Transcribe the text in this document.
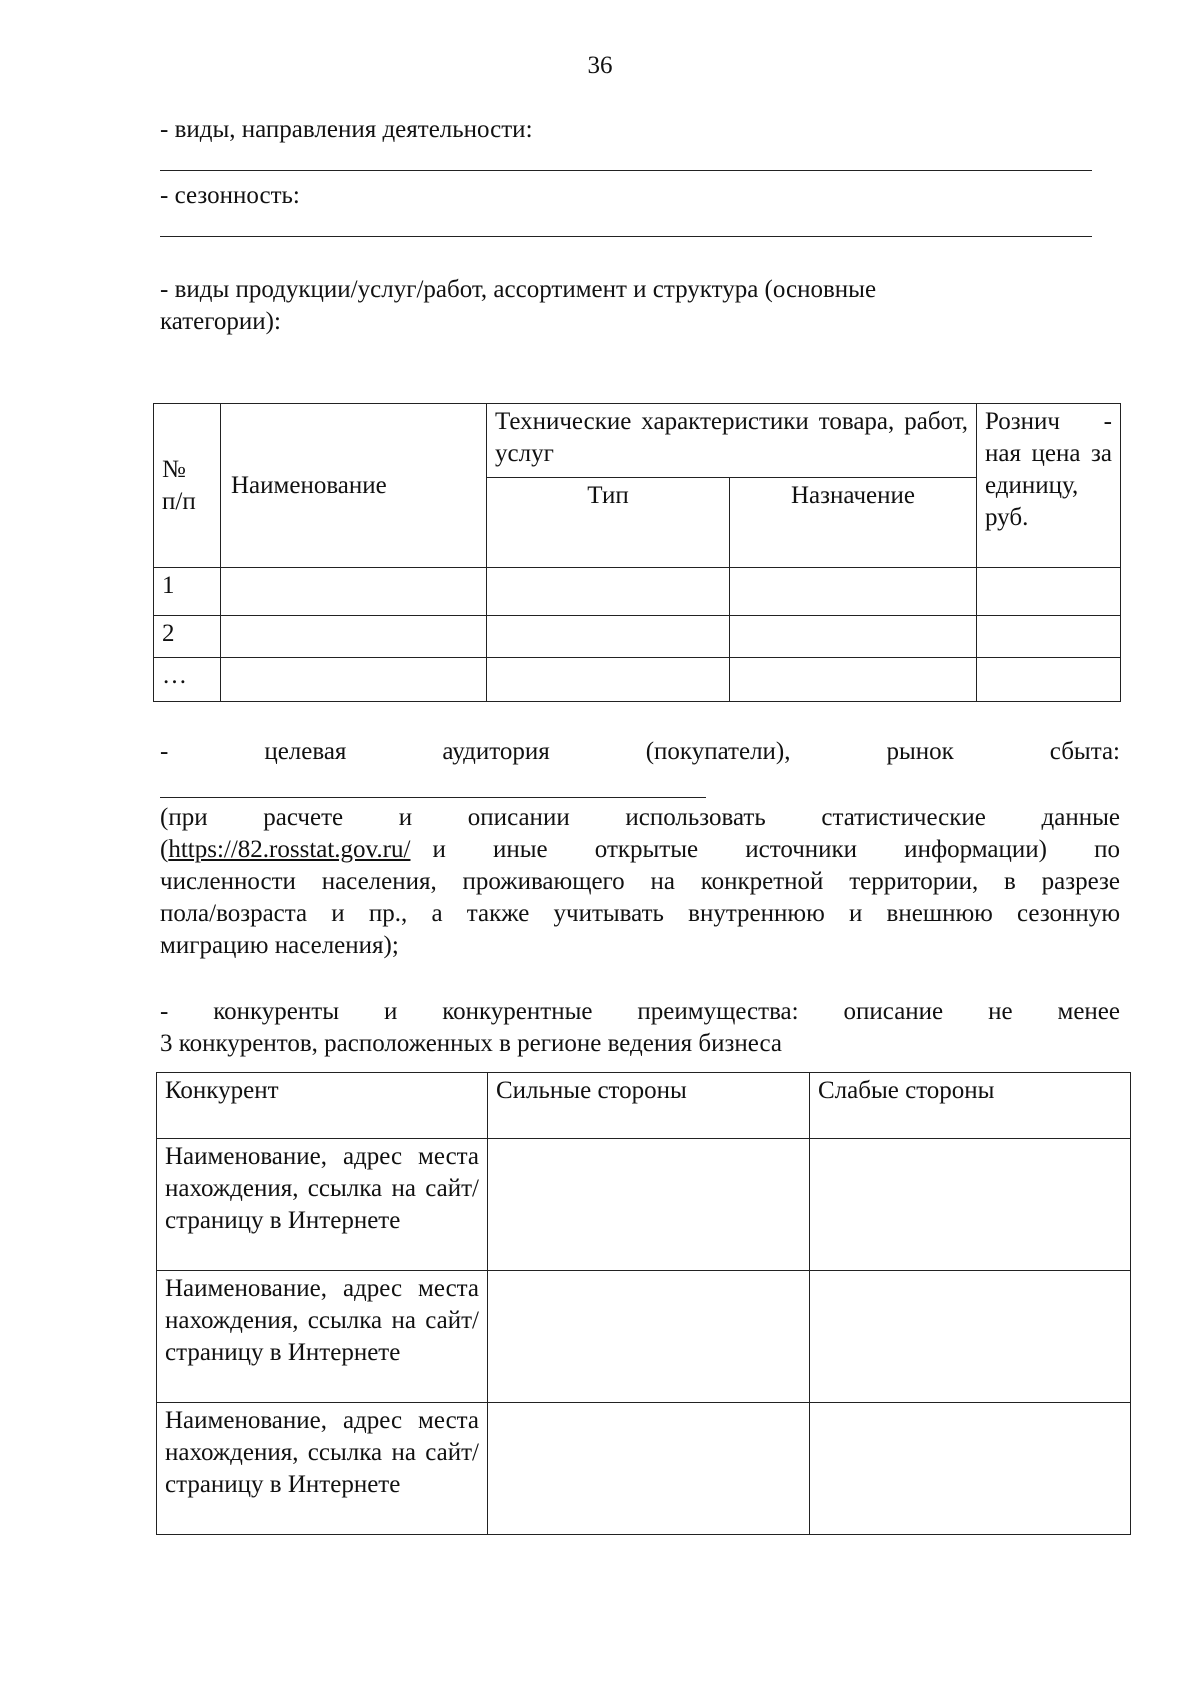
36
- виды, направления деятельности:
- сезонность:
- виды продукции/услуг/работ, ассортимент и структура (основные
категории):
№ п/п	Наименование	Технические характеристики товара, работ, услуг		Рознич - ная цена за единицу, руб.
		Тип	Назначение	
1				
2				
…				
- целевая аудитория (покупатели), рынок сбыта:
(при расчете и описании использовать статистические данные
( https://82.rosstat.gov.ru/ и иные открытые источники информации) по
численности населения, проживающего на конкретной территории, в разрезе
пола/возраста и пр., а также учитывать внутреннюю и внешнюю сезонную
миграцию населения);
- конкуренты и конкурентные преимущества: описание не менее
3 конкурентов, расположенных в регионе ведения бизнеса
Конкурент	Сильные стороны	Слабые стороны
Наименование, адрес места нахождения, ссылка на сайт/страницу в Интернете		
Наименование, адрес места нахождения, ссылка на сайт/страницу в Интернете		
Наименование, адрес места нахождения, ссылка на сайт/страницу в Интернете		
